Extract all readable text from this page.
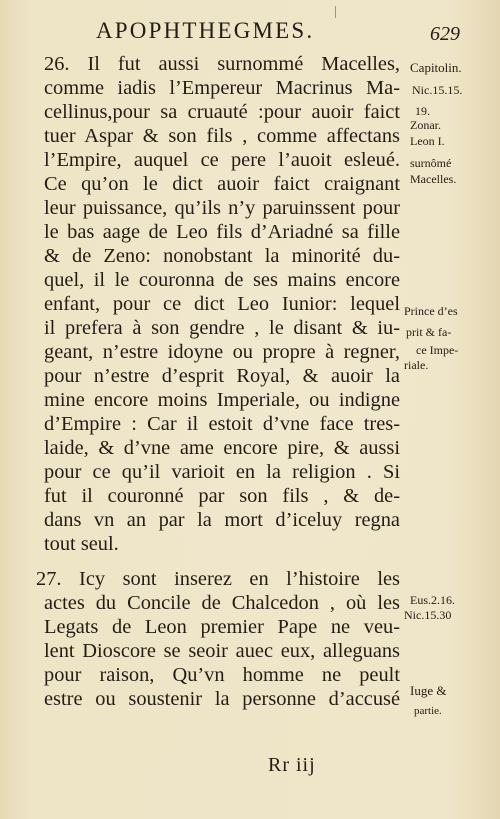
APOPHTHEGMES.	629
26. Il fut aussi surnommé Macelles,
comme iadis l’Empereur Macrinus Ma-
cellinus,pour sa cruauté :pour auoir faict
tuer Aspar & son fils , comme affectans
l’Empire, auquel ce pere l’auoit esleué.
Ce qu’on le dict auoir faict craignant
leur puissance, qu’ils n’y paruinssent pour
le bas aage de Leo fils d’Ariadné sa fille
& de Zeno: nonobstant la minorité du-
quel, il le couronna de ses mains encore
enfant, pour ce dict Leo Iunior: lequel
il prefera à son gendre , le disant & iu-
geant, n’estre idoyne ou propre à regner,
pour n’estre d’esprit Royal, & auoir la
mine encore moins Imperiale, ou indigne
d’Empire : Car il estoit d’vne face tres-
laide, & d’vne ame encore pire, & aussi
pour ce qu’il varioit en la religion . Si
fut il couronné par son fils , & de-
dans vn an par la mort d’iceluy regna
tout seul.
27. Icy sont inserez en l’histoire les
actes du Concile de Chalcedon , où les
Legats de Leon premier Pape ne veu-
lent Dioscore se seoir auec eux, alleguans
pour raison, Qu’vn homme ne peult
estre ou soustenir la personne d’accusé
Capitolin.
Nic.15.15.
19.
Zonar.
Leon I.
surnômé
Macelles.
Prince d’es
prit & fa-
ce Impe-
riale.
Eus.2.16.
Nic.15.30
Iuge &
partie.
Rr iij
